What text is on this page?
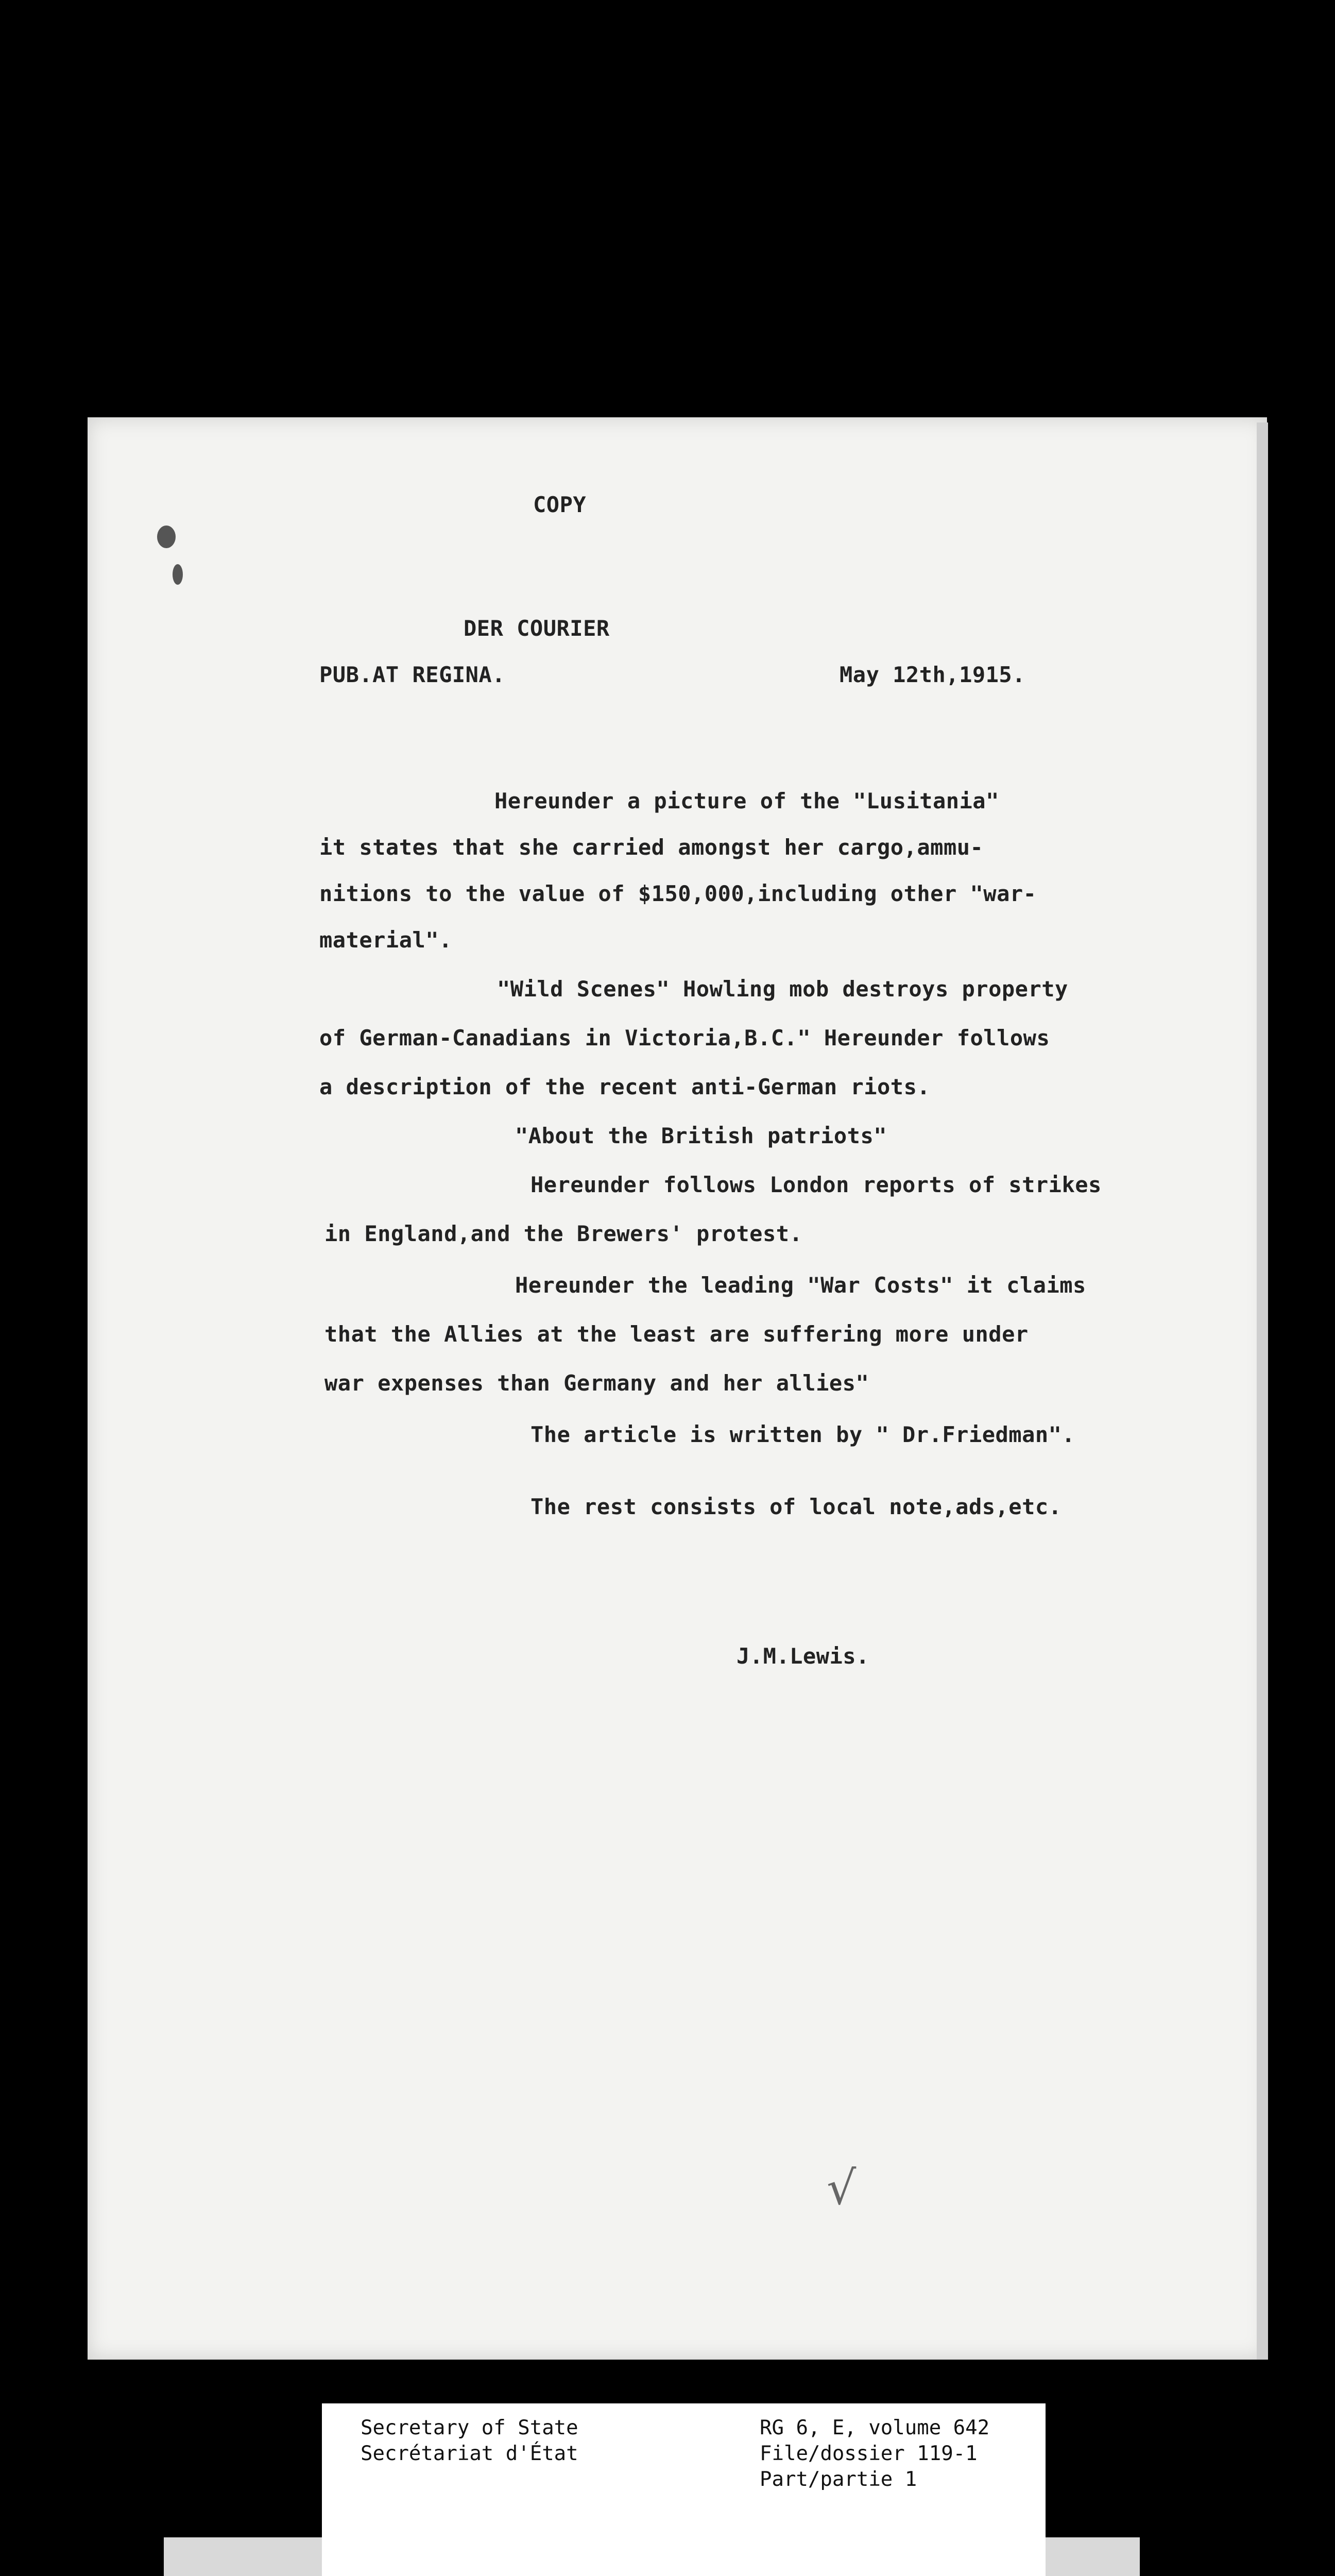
COPY
DER COURIER
PUB.AT REGINA.	May 12th,1915.
Hereunder a picture of the "Lusitania"
it states that she carried amongst her cargo,ammu-
nitions to the value of $150,000,including other "war-
material".
"Wild Scenes" Howling mob destroys property
of German-Canadians in Victoria,B.C." Hereunder follows
a description of the recent anti-German riots.
"About the British patriots"
Hereunder follows London reports of strikes
in England,and the Brewers' protest.
Hereunder the leading "War Costs" it claims
that the Allies at the least are suffering more under
war expenses than Germany and her allies"
The article is written by " Dr.Friedman".
The rest consists of local note,ads,etc.
J.M.Lewis.
√
Secretary of State
Secrétariat d'État
RG 6, E, volume 642
File/dossier 119-1
Part/partie 1
